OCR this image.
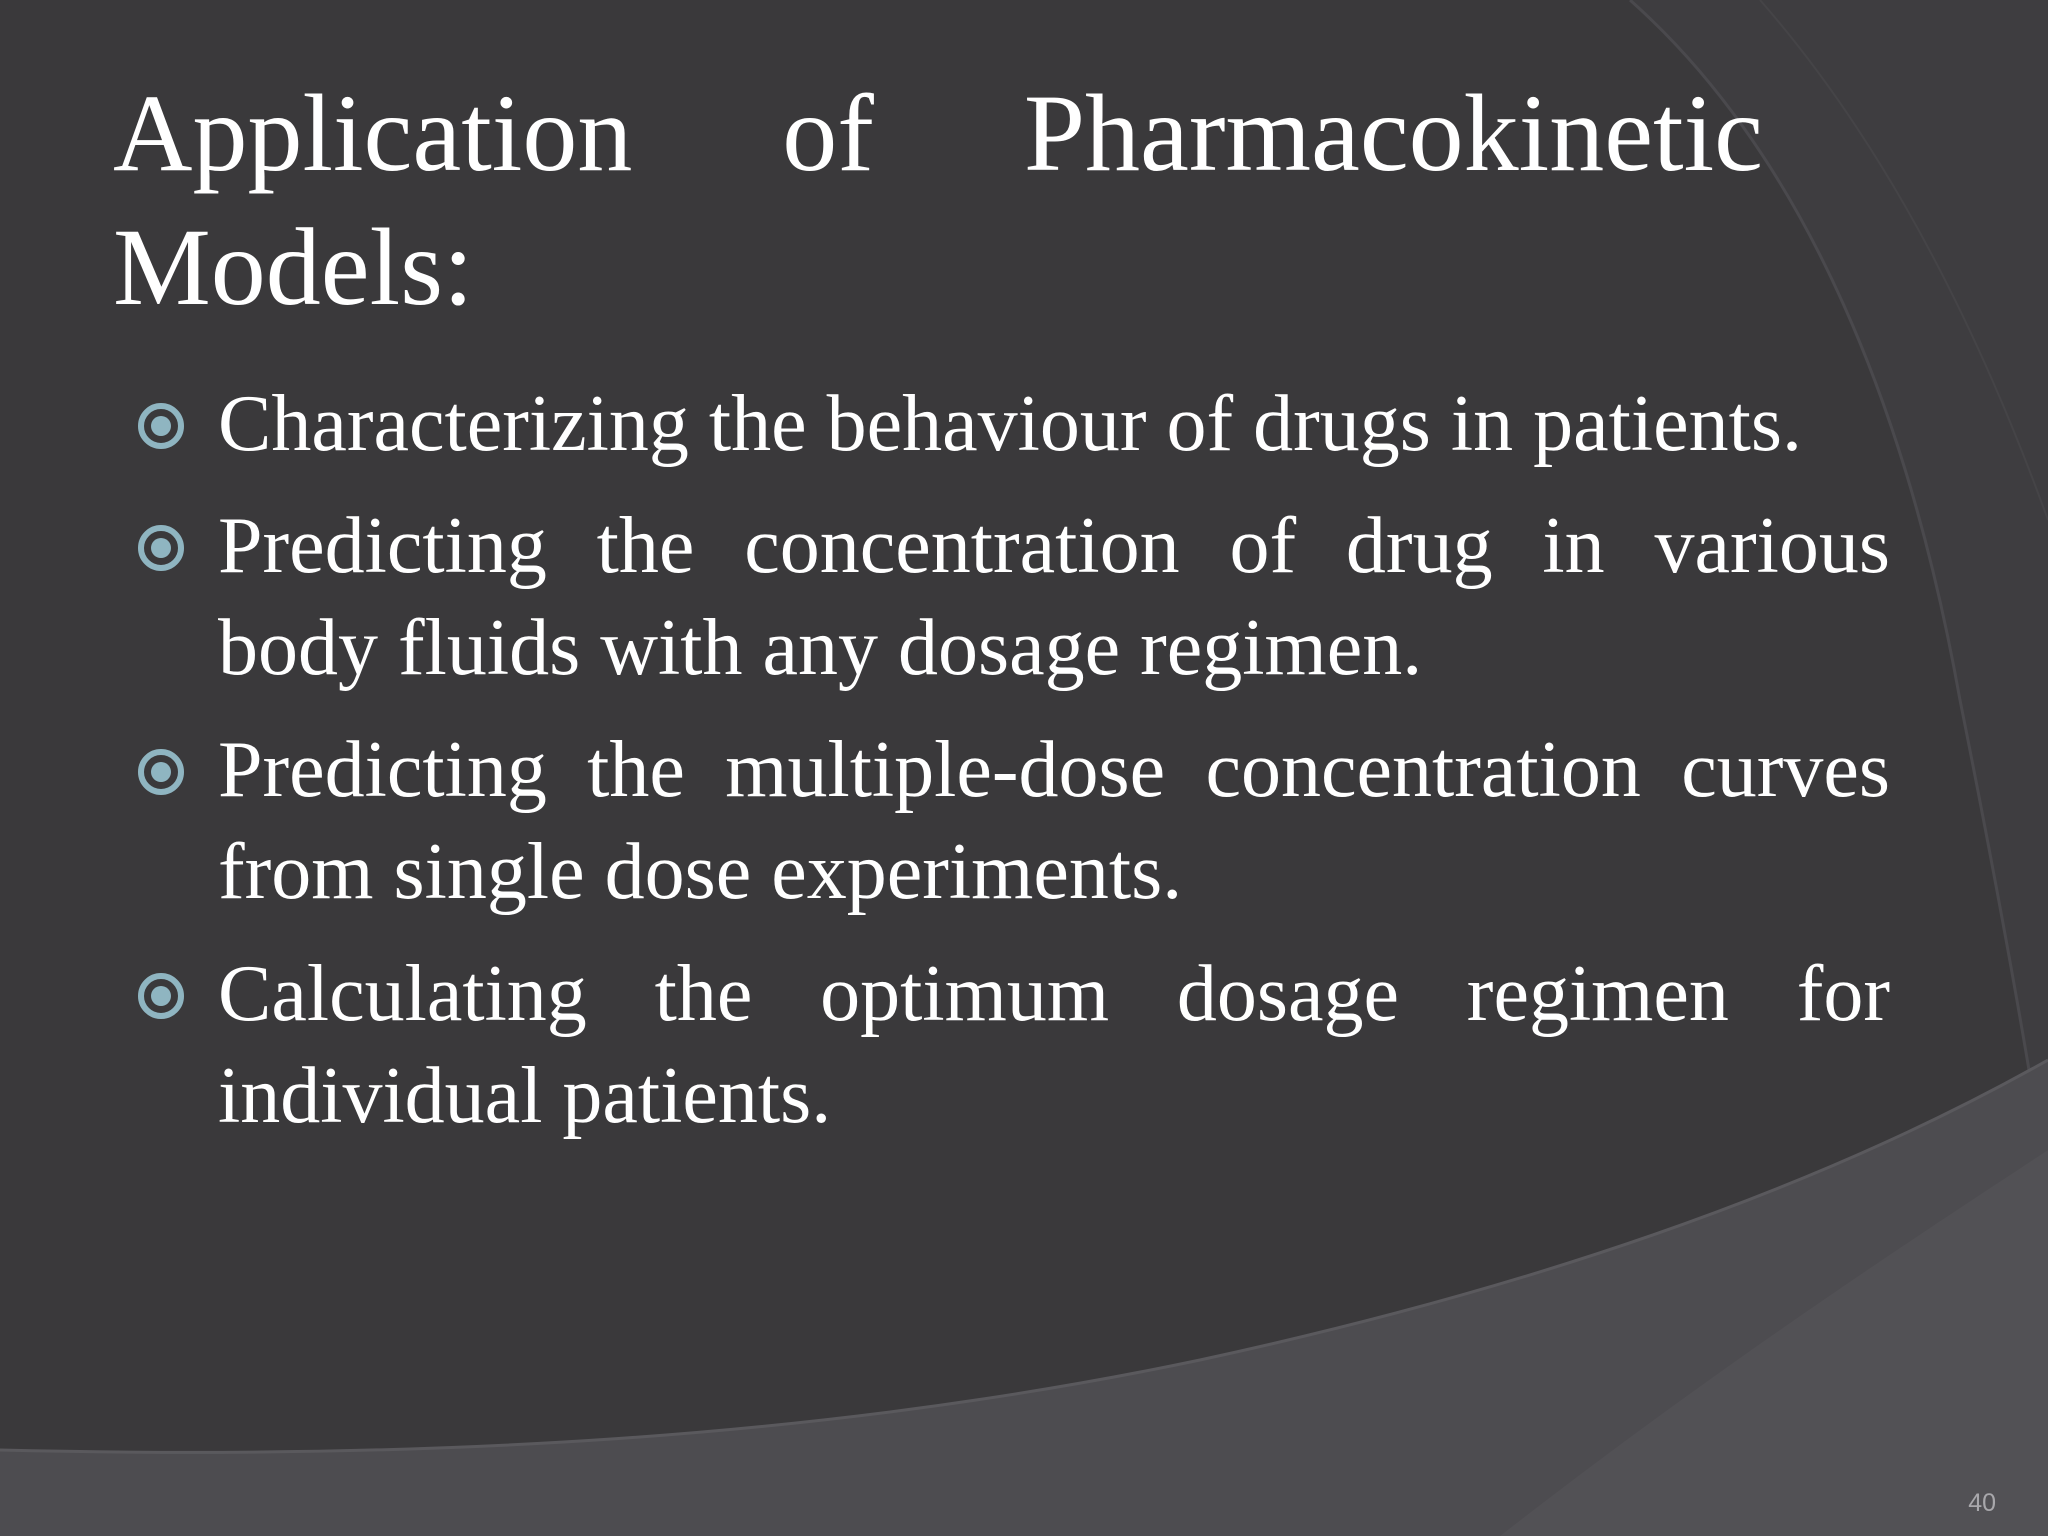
Application of Pharmacokinetic Models:
Characterizing the behaviour of drugs in patients.
Predicting the concentration of drug in various body fluids with any dosage regimen.
Predicting the multiple-dose concentration curves from single dose experiments.
Calculating the optimum dosage regimen for individual patients.
40
